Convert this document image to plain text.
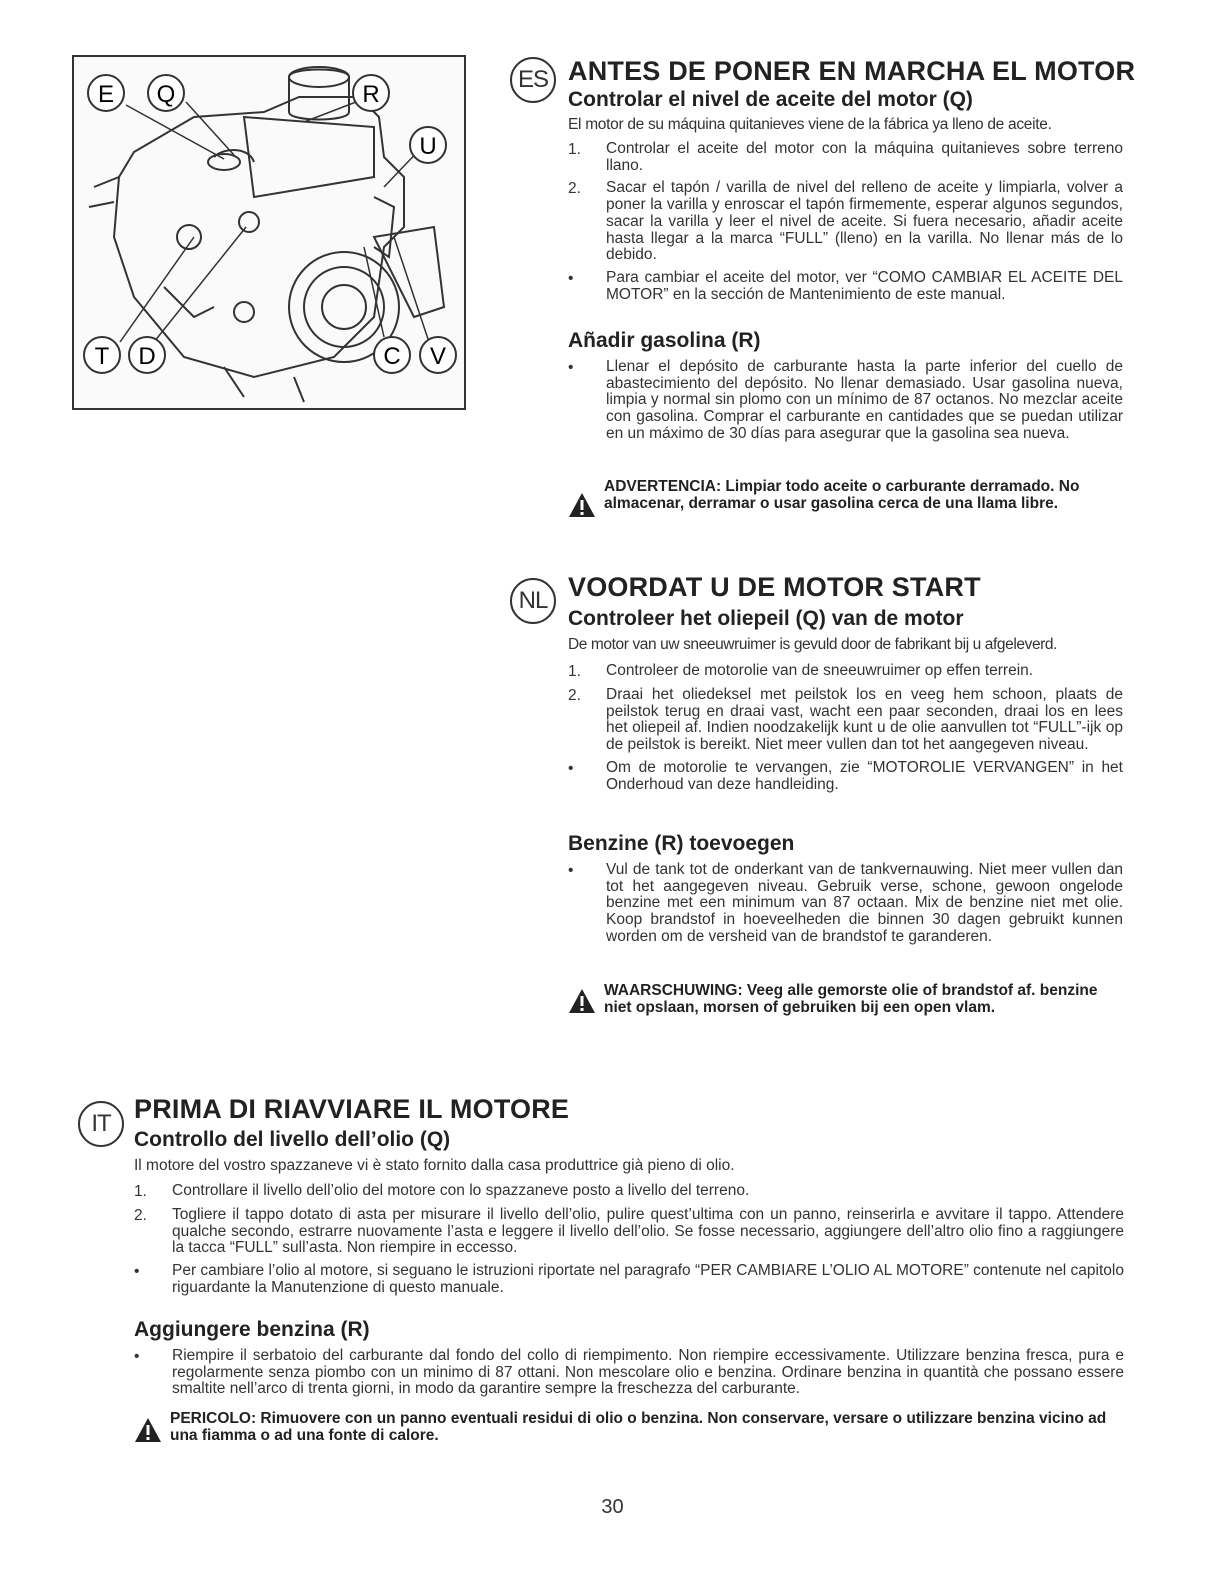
E Q	R
U
T D	C V
ES ANTES DE PONER EN MARCHA EL MOTOR
Controlar el nivel de aceite del motor (Q)
El motor de su máquina quitanieves viene de la fábrica ya lleno de aceite.
1.	Controlar el aceite del motor con la máquina quitanieves sobre terreno llano.
2.	Sacar el tapón / varilla de nivel del relleno de aceite y limpiarla, volver a poner la varilla y enroscar el tapón firmemente, esperar algunos segundos, sacar la varilla y leer el nivel de aceite. Si fuera necesario, añadir aceite hasta llegar a la marca “FULL” (lleno) en la varilla. No llenar más de lo debido.
•	Para cambiar el aceite del motor, ver “COMO CAMBIAR EL ACEITE DEL MOTOR” en la sección de Mantenimiento de este manual.
Añadir gasolina (R)
•	Llenar el depósito de carburante hasta la parte inferior del cuello de abastecimiento del depósito. No llenar demasiado. Usar gasolina nueva, limpia y normal sin plomo con un mínimo de 87 octanos. No mezclar aceite con gasolina. Comprar el carburante en cantidades que se puedan utilizar en un máximo de 30 días para asegurar que la gasolina sea nueva.
ADVERTENCIA: Limpiar todo aceite o carburante derramado. No almacenar, derramar o usar gasolina cerca de una llama libre.
NL VOORDAT U DE MOTOR START
Controleer het oliepeil (Q) van de motor
De motor van uw sneeuwruimer is gevuld door de fabrikant bij u afgeleverd.
1.	Controleer de motorolie van de sneeuwruimer op effen terrein.
2.	Draai het oliedeksel met peilstok los en veeg hem schoon, plaats de peilstok terug en draai vast, wacht een paar seconden, draai los en lees het oliepeil af. Indien noodzakelijk kunt u de olie aanvullen tot “FULL”-ijk op de peilstok is bereikt. Niet meer vullen dan tot het aangegeven niveau.
•	Om de motorolie te vervangen, zie “MOTOROLIE VERVANGEN” in het Onderhoud van deze handleiding.
Benzine (R) toevoegen
•	Vul de tank tot de onderkant van de tankvernauwing. Niet meer vullen dan tot het aangegeven niveau. Gebruik verse, schone, gewoon ongelode benzine met een minimum van 87 octaan. Mix de benzine niet met olie. Koop brandstof in hoeveelheden die binnen 30 dagen gebruikt kunnen worden om de versheid van de brandstof te garanderen.
WAARSCHUWING: Veeg alle gemorste olie of brandstof af. benzine niet opslaan, morsen of gebruiken bij een open vlam.
IT PRIMA DI RIAVVIARE IL MOTORE
Controllo del livello dell’olio (Q)
Il motore del vostro spazzaneve vi è stato fornito dalla casa produttrice già pieno di olio.
1.	Controllare il livello dell’olio del motore con lo spazzaneve posto a livello del terreno.
2.	Togliere il tappo dotato di asta per misurare il livello dell’olio, pulire quest’ultima con un panno, reinserirla e avvitare il tappo. Attendere qualche secondo, estrarre nuovamente l’asta e leggere il livello dell’olio. Se fosse necessario, aggiungere dell’altro olio fino a raggiungere la tacca “FULL” sull’asta. Non riempire in eccesso.
•	Per cambiare l’olio al motore, si seguano le istruzioni riportate nel paragrafo “PER CAMBIARE L’OLIO AL MOTORE” contenute nel capitolo riguardante la Manutenzione di questo manuale.
Aggiungere benzina (R)
•	Riempire il serbatoio del carburante dal fondo del collo di riempimento. Non riempire eccessivamente. Utilizzare benzina fresca, pura e regolarmente senza piombo con un minimo di 87 ottani. Non mescolare olio e benzina. Ordinare benzina in quantità che possano essere smaltite nell’arco di trenta giorni, in modo da garantire sempre la freschezza del carburante.
PERICOLO: Rimuovere con un panno eventuali residui di olio o benzina. Non conservare, versare o utilizzare benzina vicino ad una fiamma o ad una fonte di calore.
30
